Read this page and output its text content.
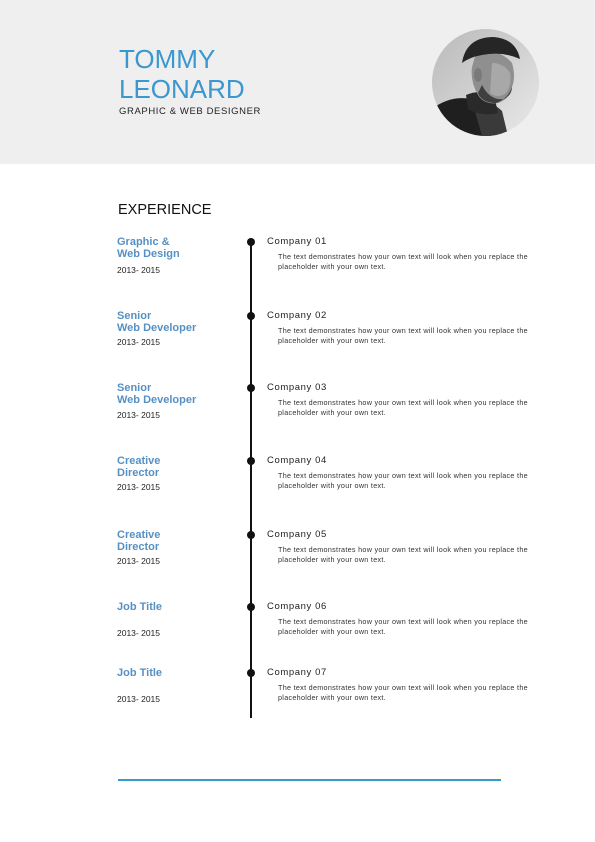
TOMMY
LEONARD
GRAPHIC & WEB DESIGNER
EXPERIENCE
Graphic &
Web Design
2013- 2015
Company 01
The text demonstrates how your own text will look when you replace the placeholder with your own text.
Senior
Web Developer
2013- 2015
Company 02
The text demonstrates how your own text will look when you replace the placeholder with your own text.
Senior
Web Developer
2013- 2015
Company 03
The text demonstrates how your own text will look when you replace the placeholder with your own text.
Creative
Director
2013- 2015
Company 04
The text demonstrates how your own text will look when you replace the placeholder with your own text.
Creative
Director
2013- 2015
Company 05
The text demonstrates how your own text will look when you replace the placeholder with your own text.
Job Title
2013- 2015
Company 06
The text demonstrates how your own text will look when you replace the placeholder with your own text.
Job Title
2013- 2015
Company 07
The text demonstrates how your own text will look when you replace the placeholder with your own text.
